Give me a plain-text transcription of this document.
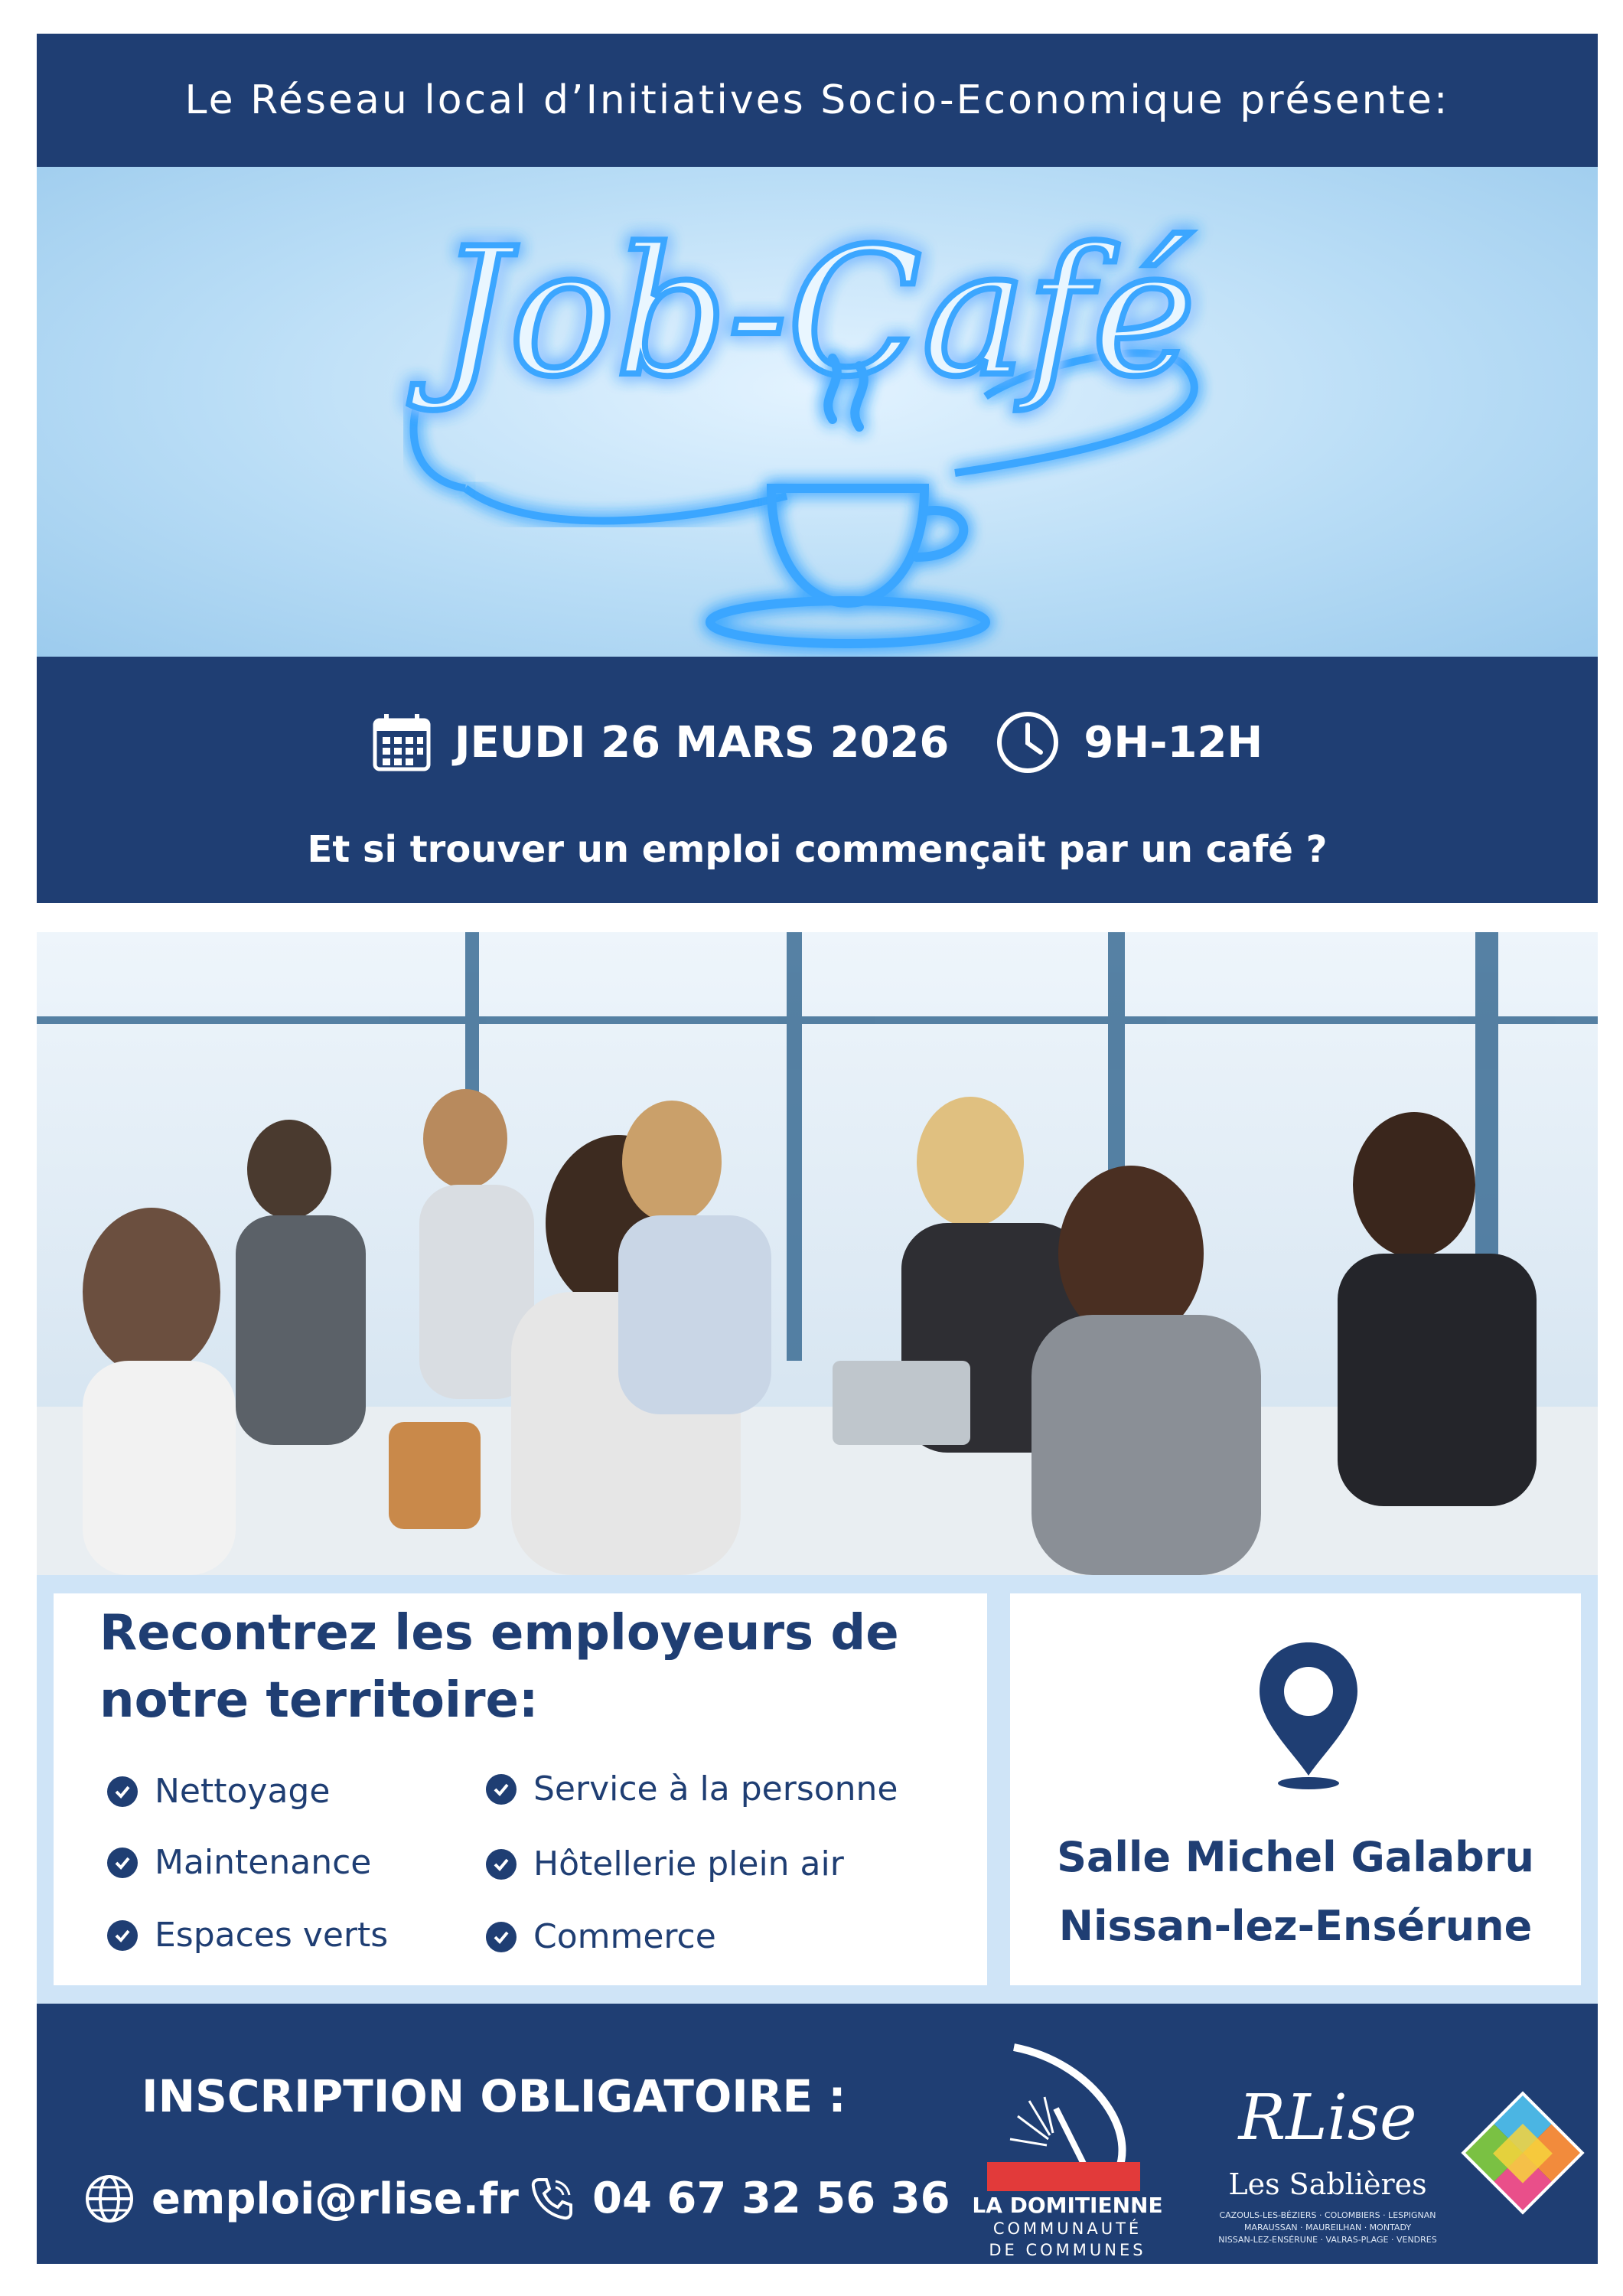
Le Réseau local d’Initiatives Socio-Economique présente:
Job-Café
JEUDI 26 MARS 2026	9H-12H
Et si trouver un emploi commençait par un café ?
Recontrez les employeurs de notre territoire:
Nettoyage	Service à la personne
Maintenance	Hôtellerie plein air
Espaces verts	Commerce
Salle Michel Galabru
Nissan-lez-Ensérune
INSCRIPTION OBLIGATOIRE :
emploi@rlise.fr 04 67 32 56 36 LA DOMITIENNE
COMMUNAUTÉ
DE COMMUNES
RLise
Les Sablières
CAZOULS-LES-BÉZIERS · COLOMBIERS · LESPIGNAN
MARAUSSAN · MAUREILHAN · MONTADY
NISSAN-LEZ-ENSÉRUNE · VALRAS-PLAGE · VENDRES
